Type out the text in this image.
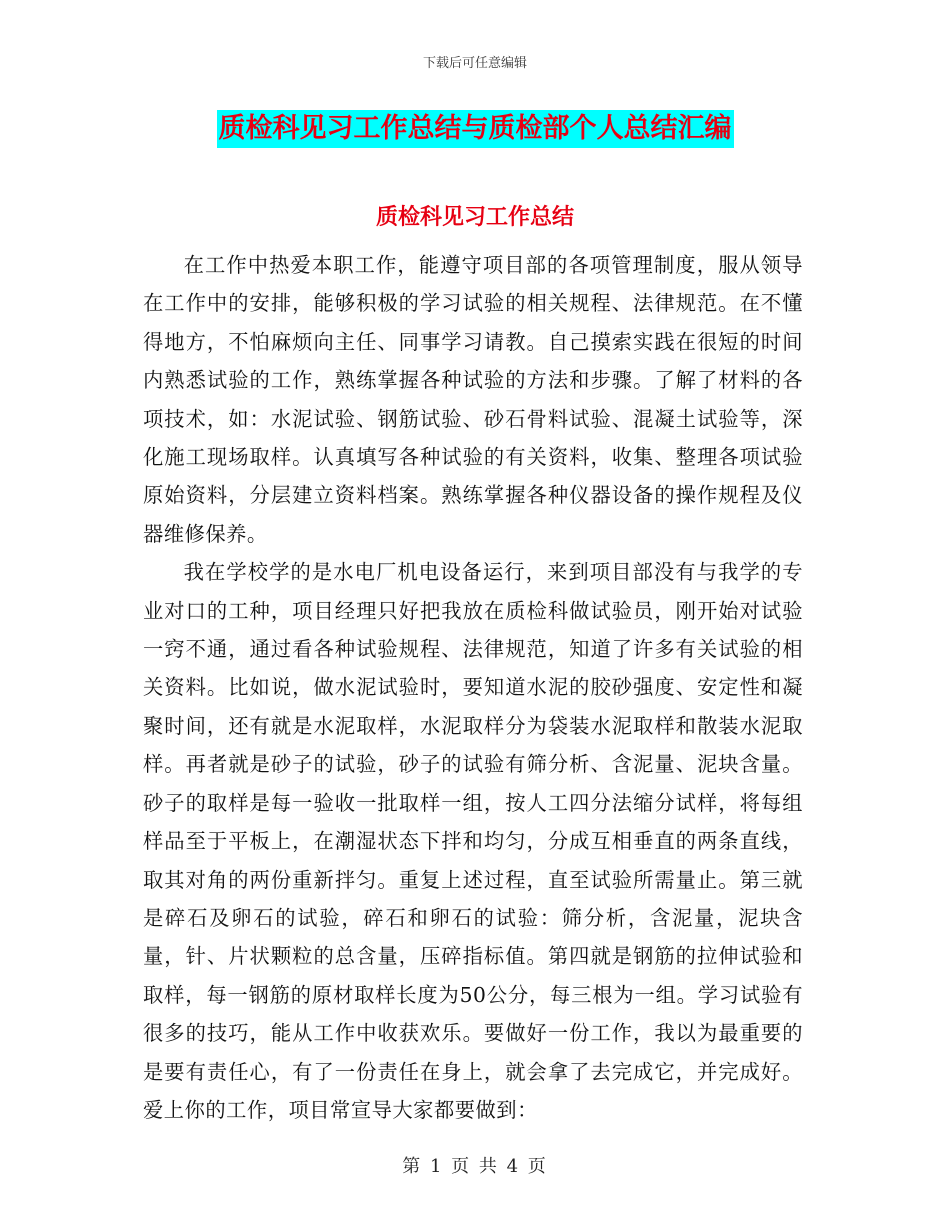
下载后可任意编辑
质检科见习工作总结与质检部个人总结汇编
质检科见习工作总结

在工作中热爱本职工作，能遵守项目部的各项管理制度，服从领导在工作中的安排，能够积极的学习试验的相关规程、法律规范。在不懂得地方，不怕麻烦向主任、同事学习请教。自己摸索实践在很短的时间内熟悉试验的工作，熟练掌握各种试验的方法和步骤。了解了材料的各项技术，如：水泥试验、钢筋试验、砂石骨料试验、混凝土试验等，深化施工现场取样。认真填写各种试验的有关资料，收集、整理各项试验原始资料，分层建立资料档案。熟练掌握各种仪器设备的操作规程及仪器维修保养。

我在学校学的是水电厂机电设备运行，来到项目部没有与我学的专业对口的工种，项目经理只好把我放在质检科做试验员，刚开始对试验一窍不通，通过看各种试验规程、法律规范，知道了许多有关试验的相关资料。比如说，做水泥试验时，要知道水泥的胶砂强度、安定性和凝聚时间，还有就是水泥取样，水泥取样分为袋装水泥取样和散装水泥取样。再者就是砂子的试验，砂子的试验有筛分析、含泥量、泥块含量。砂子的取样是每一验收一批取样一组，按人工四分法缩分试样，将每组样品至于平板上，在潮湿状态下拌和均匀，分成互相垂直的两条直线，取其对角的两份重新拌匀。重复上述过程，直至试验所需量止。第三就是碎石及卵石的试验，碎石和卵石的试验：筛分析，含泥量，泥块含量，针、片状颗粒的总含量，压碎指标值。第四就是钢筋的拉伸试验和取样，每一钢筋的原材取样长度为50公分，每三根为一组。学习试验有很多的技巧，能从工作中收获欢乐。要做好一份工作，我以为最重要的是要有责任心，有了一份责任在身上，就会拿了去完成它，并完成好。爱上你的工作，项目常宣导大家都要做到：

第 1 页 共 4 页
